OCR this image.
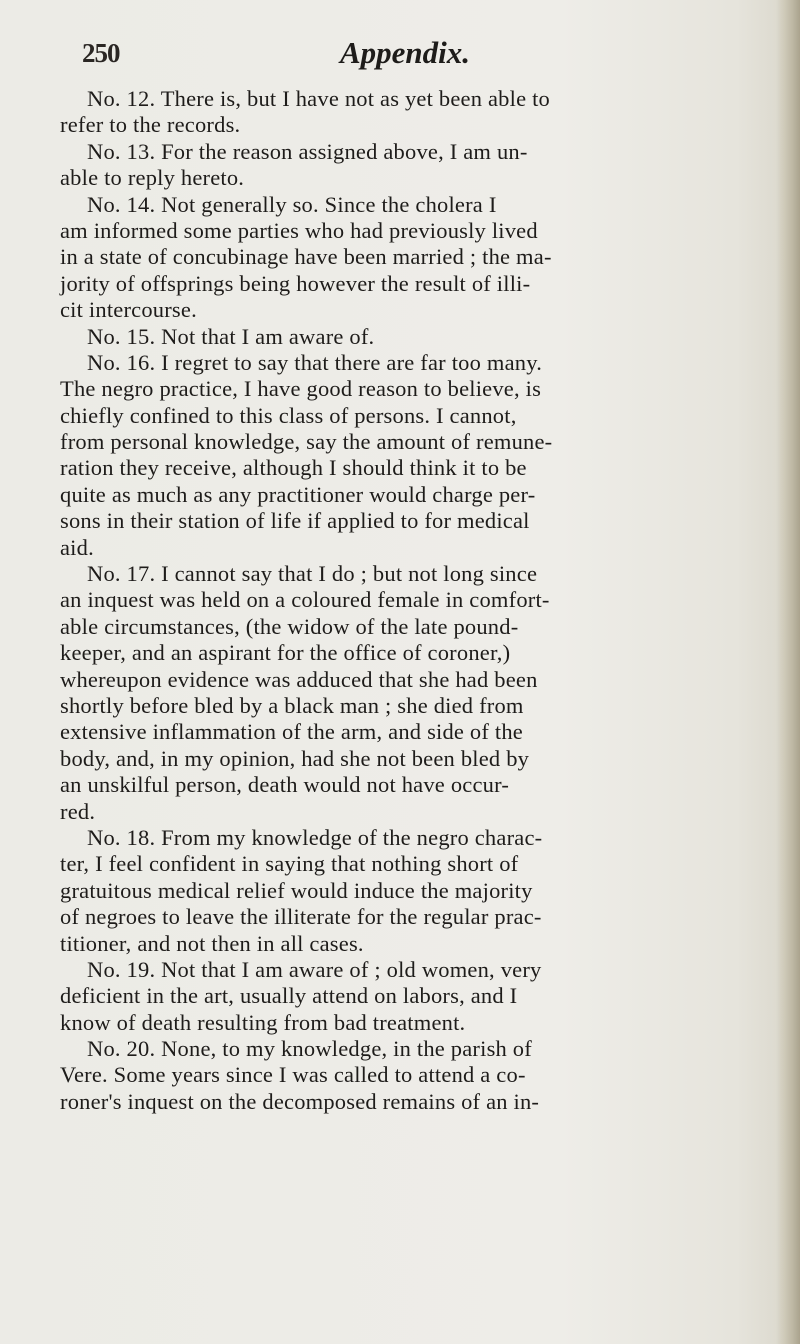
250	Appendix.
No. 12. There is, but I have not as yet been able to
refer to the records.
No. 13. For the reason assigned above, I am un-
able to reply hereto.
No. 14. Not generally so. Since the cholera I
am informed some parties who had previously lived
in a state of concubinage have been married ; the ma-
jority of offsprings being however the result of illi-
cit intercourse.
No. 15. Not that I am aware of.
No. 16. I regret to say that there are far too many.
The negro practice, I have good reason to believe, is
chiefly confined to this class of persons. I cannot,
from personal knowledge, say the amount of remune-
ration they receive, although I should think it to be
quite as much as any practitioner would charge per-
sons in their station of life if applied to for medical
aid.
No. 17. I cannot say that I do ; but not long since
an inquest was held on a coloured female in comfort-
able circumstances, (the widow of the late pound-
keeper, and an aspirant for the office of coroner,)
whereupon evidence was adduced that she had been
shortly before bled by a black man ; she died from
extensive inflammation of the arm, and side of the
body, and, in my opinion, had she not been bled by
an unskilful person, death would not have occur-
red.
No. 18. From my knowledge of the negro charac-
ter, I feel confident in saying that nothing short of
gratuitous medical relief would induce the majority
of negroes to leave the illiterate for the regular prac-
titioner, and not then in all cases.
No. 19. Not that I am aware of ; old women, very
deficient in the art, usually attend on labors, and I
know of death resulting from bad treatment.
No. 20. None, to my knowledge, in the parish of
Vere. Some years since I was called to attend a co-
roner's inquest on the decomposed remains of an in-
